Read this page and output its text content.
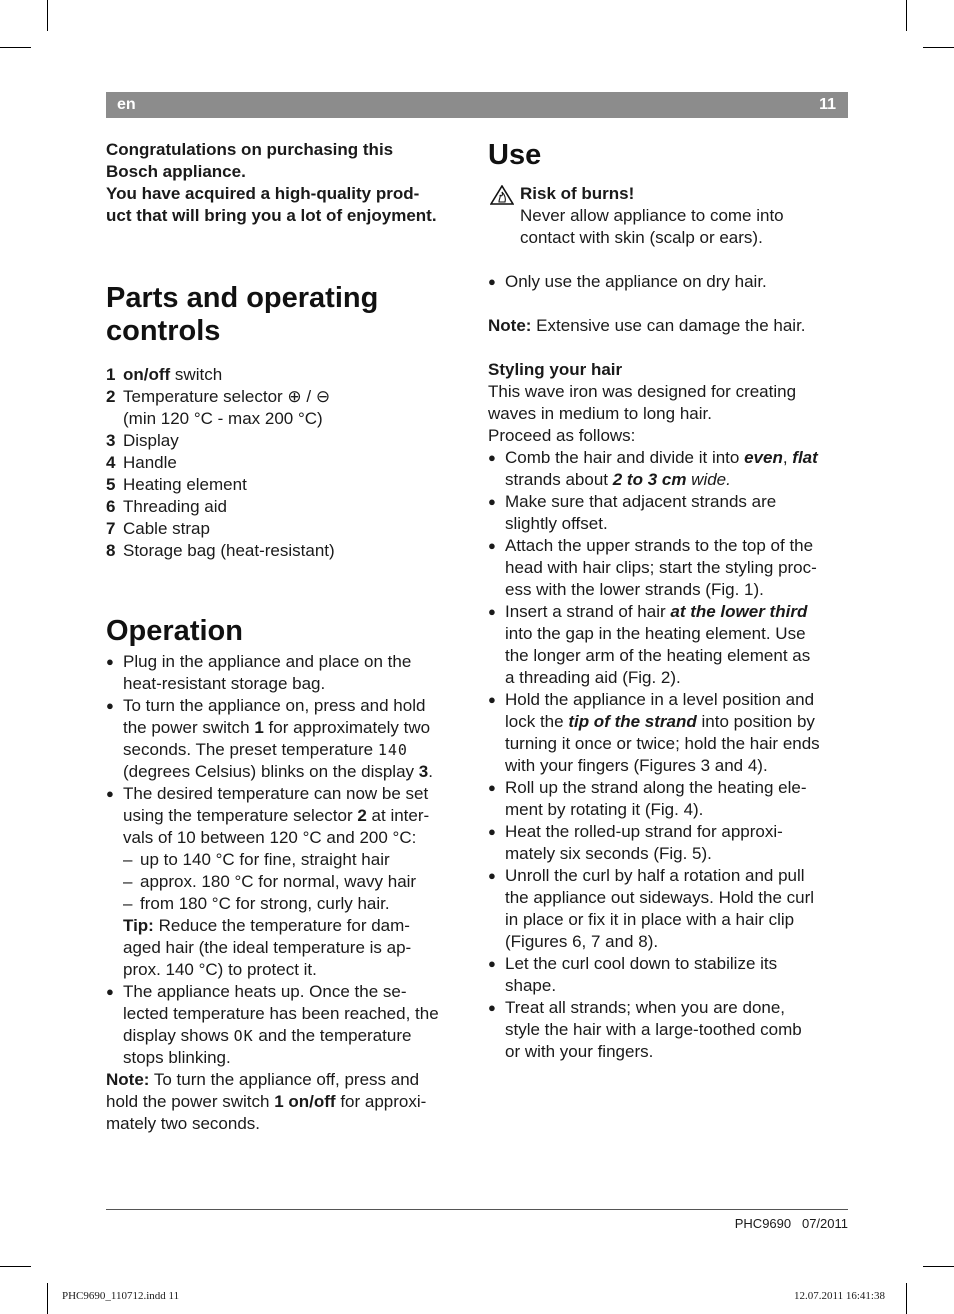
en	11
Congratulations on purchasing this
Bosch appliance.
You have acquired a high-quality prod-
uct that will bring you a lot of enjoyment.
Parts and operating
controls
1 on/off switch
2 Temperature selector ⊕ / ⊖
(min 120 °C - max 200 °C)
3 Display
4 Handle
5 Heating element
6 Threading aid
7 Cable strap
8 Storage bag (heat-resistant)
Operation
● Plug in the appliance and place on the
heat-resistant storage bag.
● To turn the appliance on, press and hold
the power switch 1 for approximately two
seconds. The preset temperature 140
(degrees Celsius) blinks on the display 3.
● The desired temperature can now be set
using the temperature selector 2 at inter-
vals of 10 between 120 °C and 200 °C:
– up to 140 °C for fine, straight hair
– approx. 180 °C for normal, wavy hair
– from 180 °C for strong, curly hair.
Tip: Reduce the temperature for dam-
aged hair (the ideal temperature is ap-
prox. 140 °C) to protect it.
● The appliance heats up. Once the se-
lected temperature has been reached, the
display shows OK and the temperature
stops blinking.
Note: To turn the appliance off, press and
hold the power switch 1 on/off for approxi-
mately two seconds.
Use
Risk of burns!
Never allow appliance to come into
contact with skin (scalp or ears).
● Only use the appliance on dry hair.
Note: Extensive use can damage the hair.
Styling your hair
This wave iron was designed for creating
waves in medium to long hair.
Proceed as follows:
● Comb the hair and divide it into even, flat
strands about 2 to 3 cm wide.
● Make sure that adjacent strands are
slightly offset.
● Attach the upper strands to the top of the
head with hair clips; start the styling proc-
ess with the lower strands (Fig. 1).
● Insert a strand of hair at the lower third
into the gap in the heating element. Use
the longer arm of the heating element as
a threading aid (Fig. 2).
● Hold the appliance in a level position and
lock the tip of the strand into position by
turning it once or twice; hold the hair ends
with your fingers (Figures 3 and 4).
● Roll up the strand along the heating ele-
ment by rotating it (Fig. 4).
● Heat the rolled-up strand for approxi-
mately six seconds (Fig. 5).
● Unroll the curl by half a rotation and pull
the appliance out sideways. Hold the curl
in place or fix it in place with a hair clip
(Figures 6, 7 and 8).
● Let the curl cool down to stabilize its
shape.
● Treat all strands; when you are done,
style the hair with a large-toothed comb
or with your fingers.
PHC9690 07/2011
PHC9690_110712.indd 11	12.07.2011 16:41:38
